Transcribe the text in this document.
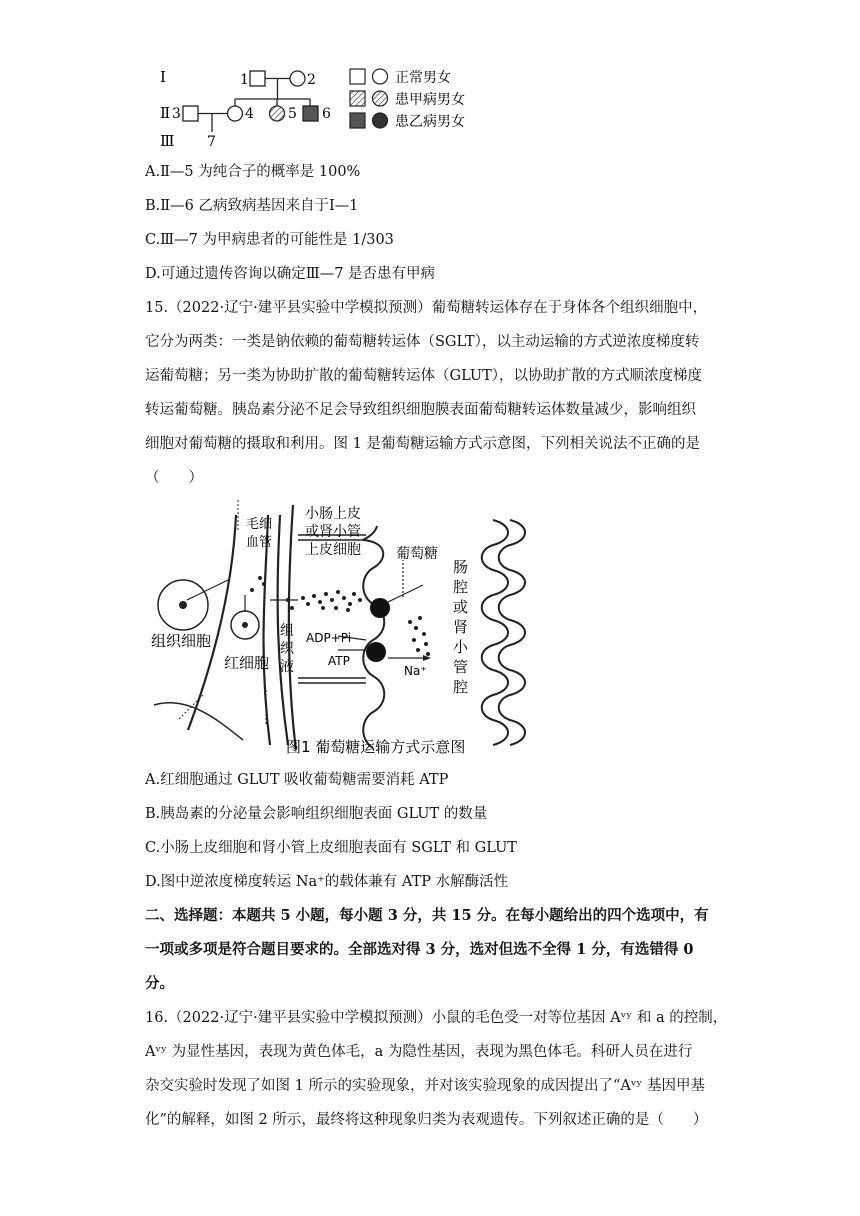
Ⅰ
Ⅱ
Ⅲ
1	2
3	4 5 6
7
正常男女
患甲病男女
患乙病男女
A.Ⅱ—5 为纯合子的概率是 100%
B.Ⅱ—6 乙病致病基因来自于Ⅰ—1
C.Ⅲ—7 为甲病患者的可能性是 1/303
D.可通过遗传咨询以确定Ⅲ—7 是否患有甲病
15.（2022·辽宁·建平县实验中学模拟预测）葡萄糖转运体存在于身体各个组织细胞中，
它分为两类：一类是钠依赖的葡萄糖转运体（SGLT），以主动运输的方式逆浓度梯度转
运葡萄糖；另一类为协助扩散的葡萄糖转运体（GLUT），以协助扩散的方式顺浓度梯度
转运葡萄糖。胰岛素分泌不足会导致组织细胞膜表面葡萄糖转运体数量减少，影响组织
细胞对葡萄糖的摄取和利用。图 1 是葡萄糖运输方式示意图，下列相关说法不正确的是
（　　）
小肠上皮
或肾小管
上皮细胞
毛细
血管
葡萄糖
组织细胞
红细胞
组
织
液
ADP+Pi
ATP
Na⁺
肠
腔
或
肾
小
管
腔
图1 葡萄糖运输方式示意图
A.红细胞通过 GLUT 吸收葡萄糖需要消耗 ATP
B.胰岛素的分泌量会影响组织细胞表面 GLUT 的数量
C.小肠上皮细胞和肾小管上皮细胞表面有 SGLT 和 GLUT
D.图中逆浓度梯度转运 Na⁺的载体兼有 ATP 水解酶活性
二、选择题：本题共 5 小题，每小题 3 分，共 15 分。在每小题给出的四个选项中，有
一项或多项是符合题目要求的。全部选对得 3 分，选对但选不全得 1 分，有选错得 0
分。
16.（2022·辽宁·建平县实验中学模拟预测）小鼠的毛色受一对等位基因 Aᵛʸ 和 a 的控制，
Aᵛʸ 为显性基因，表现为黄色体毛，a 为隐性基因，表现为黑色体毛。科研人员在进行
杂交实验时发现了如图 1 所示的实验现象，并对该实验现象的成因提出了“Aᵛʸ 基因甲基
化”的解释，如图 2 所示，最终将这种现象归类为表观遗传。下列叙述正确的是（　　）
